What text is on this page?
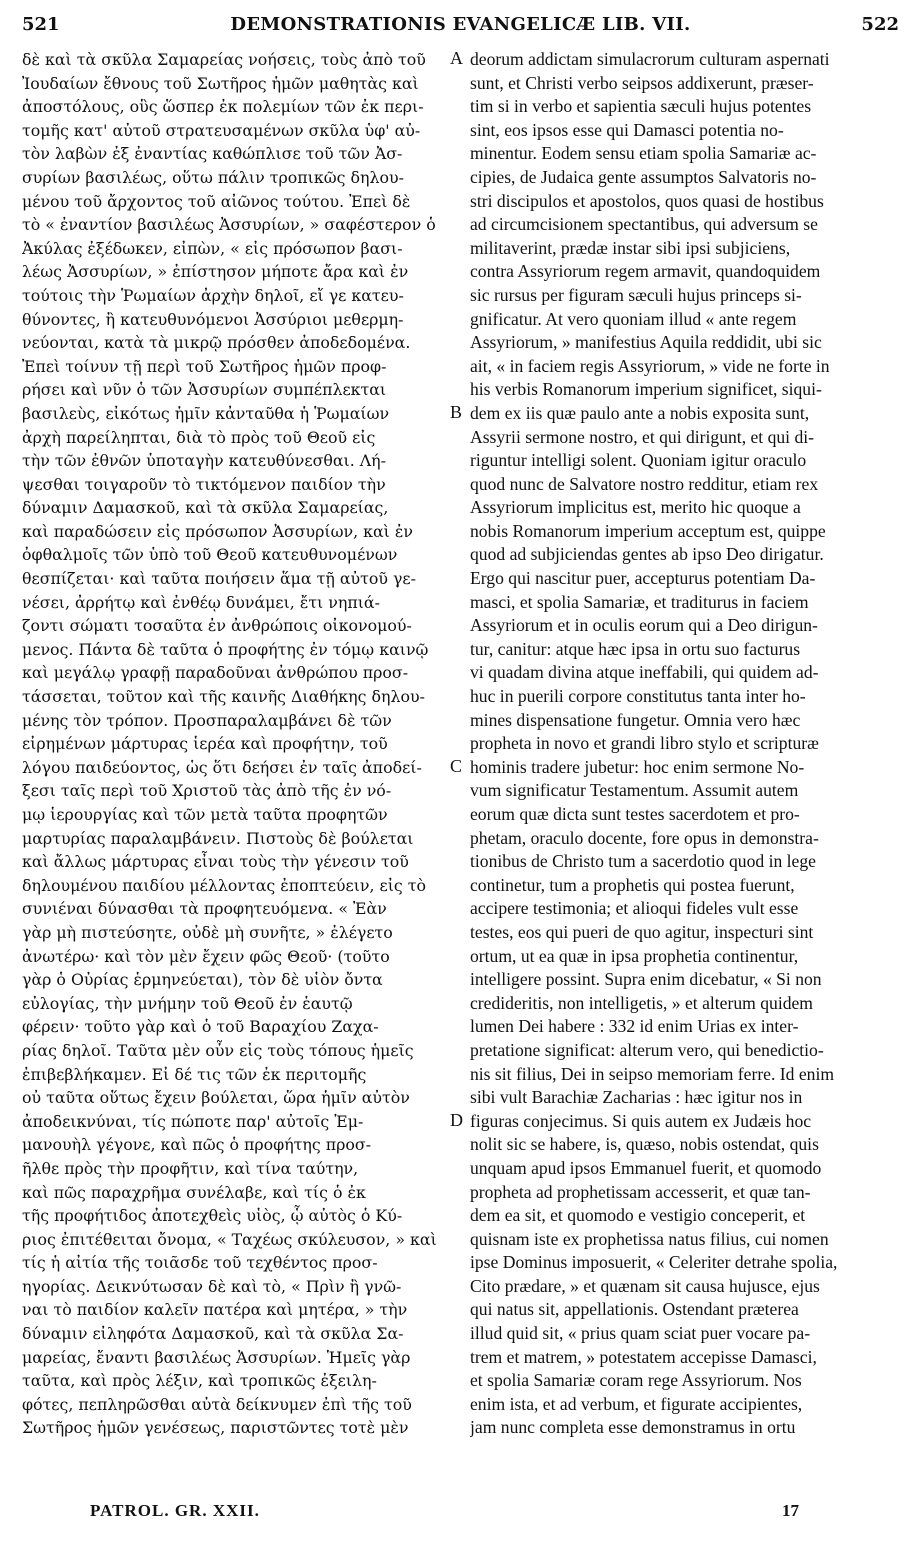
521	DEMONSTRATIONIS EVANGELICÆ LIB. VII.	522
δὲ καὶ τὰ σκῦλα Σαμαρείας νοήσεις, τοὺς ἀπὸ τοῦ
Ἰουδαίων ἔθνους τοῦ Σωτῆρος ἡμῶν μαθητὰς καὶ
ἀποστόλους, οὓς ὥσπερ ἐκ πολεμίων τῶν ἐκ περι-
τομῆς κατ' αὐτοῦ στρατευσαμένων σκῦλα ὑφ' αὐ-
τὸν λαβὼν ἐξ ἐναντίας καθώπλισε τοῦ τῶν Ἀσ-
συρίων βασιλέως, οὕτω πάλιν τροπικῶς δηλου-
μένου τοῦ ἄρχοντος τοῦ αἰῶνος τούτου. Ἐπεὶ δὲ
τὸ « ἐναντίον βασιλέως Ἀσσυρίων, » σαφέστερον ὁ
Ἀκύλας ἐξέδωκεν, εἰπὼν, « εἰς πρόσωπον βασι-
λέως Ἀσσυρίων, » ἐπίστησον μήποτε ἄρα καὶ ἐν
τούτοις τὴν Ῥωμαίων ἀρχὴν δηλοῖ, εἴ γε κατευ-
θύνοντες, ἢ κατευθυνόμενοι Ἀσσύριοι μεθερμη-
νεύονται, κατὰ τὰ μικρῷ πρόσθεν ἀποδεδομένα.
Ἐπεὶ τοίνυν τῇ περὶ τοῦ Σωτῆρος ἡμῶν προφ-
ρήσει καὶ νῦν ὁ τῶν Ἀσσυρίων συμπέπλεκται
βασιλεὺς, εἰκότως ἡμῖν κἀνταῦθα ἡ Ῥωμαίων
ἀρχὴ παρείληπται, διὰ τὸ πρὸς τοῦ Θεοῦ εἰς
τὴν τῶν ἐθνῶν ὑποταγὴν κατευθύνεσθαι. Λή-
ψεσθαι τοιγαροῦν τὸ τικτόμενον παιδίον τὴν
δύναμιν Δαμασκοῦ, καὶ τὰ σκῦλα Σαμαρείας,
καὶ παραδώσειν εἰς πρόσωπον Ἀσσυρίων, καὶ ἐν
ὀφθαλμοῖς τῶν ὑπὸ τοῦ Θεοῦ κατευθυνομένων
θεσπίζεται· καὶ ταῦτα ποιήσειν ἅμα τῇ αὐτοῦ γε-
νέσει, ἀρρήτῳ καὶ ἐνθέῳ δυνάμει, ἔτι νηπιά-
ζοντι σώματι τοσαῦτα ἐν ἀνθρώποις οἰκονομού-
μενος. Πάντα δὲ ταῦτα ὁ προφήτης ἐν τόμῳ καινῷ
καὶ μεγάλῳ γραφῇ παραδοῦναι ἀνθρώπου προσ-
τάσσεται, τοῦτον καὶ τῆς καινῆς Διαθήκης δηλου-
μένης τὸν τρόπον. Προσπαραλαμβάνει δὲ τῶν
εἰρημένων μάρτυρας ἱερέα καὶ προφήτην, τοῦ
λόγου παιδεύοντος, ὡς ὅτι δεήσει ἐν ταῖς ἀποδεί-
ξεσι ταῖς περὶ τοῦ Χριστοῦ τὰς ἀπὸ τῆς ἐν νό-
μῳ ἱερουργίας καὶ τῶν μετὰ ταῦτα προφητῶν
μαρτυρίας παραλαμβάνειν. Πιστοὺς δὲ βούλεται
καὶ ἄλλως μάρτυρας εἶναι τοὺς τὴν γένεσιν τοῦ
δηλουμένου παιδίου μέλλοντας ἐποπτεύειν, εἰς τὸ
συνιέναι δύνασθαι τὰ προφητευόμενα. « Ἐὰν
γὰρ μὴ πιστεύσητε, οὐδὲ μὴ συνῆτε, » ἐλέγετο
ἀνωτέρω· καὶ τὸν μὲν ἔχειν φῶς Θεοῦ· (τοῦτο
γὰρ ὁ Οὐρίας ἑρμηνεύεται), τὸν δὲ υἱὸν ὄντα
εὐλογίας, τὴν μνήμην τοῦ Θεοῦ ἐν ἑαυτῷ
φέρειν· τοῦτο γὰρ καὶ ὁ τοῦ Βαραχίου Ζαχα-
ρίας δηλοῖ. Ταῦτα μὲν οὖν εἰς τοὺς τόπους ἡμεῖς
ἐπιβεβλήκαμεν. Εἰ δέ τις τῶν ἐκ περιτομῆς
οὐ ταῦτα οὕτως ἔχειν βούλεται, ὥρα ἡμῖν αὐτὸν
ἀποδεικνύναι, τίς πώποτε παρ' αὐτοῖς Ἐμ-
μανουὴλ γέγονε, καὶ πῶς ὁ προφήτης προσ-
ῆλθε πρὸς τὴν προφῆτιν, καὶ τίνα ταύτην,
καὶ πῶς παραχρῆμα συνέλαβε, καὶ τίς ὁ ἐκ
τῆς προφήτιδος ἀποτεχθεὶς υἱὸς, ᾧ αὐτὸς ὁ Κύ-
ριος ἐπιτέθειται ὄνομα, « Ταχέως σκύλευσον, » καὶ
τίς ἡ αἰτία τῆς τοιᾶσδε τοῦ τεχθέντος προσ-
ηγορίας. Δεικνύτωσαν δὲ καὶ τὸ, « Πρὶν ἢ γνῶ-
ναι τὸ παιδίον καλεῖν πατέρα καὶ μητέρα, » τὴν
δύναμιν εἰληφότα Δαμασκοῦ, καὶ τὰ σκῦλα Σα-
μαρείας, ἔναντι βασιλέως Ἀσσυρίων. Ἡμεῖς γὰρ
ταῦτα, καὶ πρὸς λέξιν, καὶ τροπικῶς ἐξειλη-
φότες, πεπληρῶσθαι αὐτὰ δείκνυμεν ἐπὶ τῆς τοῦ
Σωτῆρος ἡμῶν γενέσεως, παριστῶντες τοτὲ μὲν
deorum addictam simulacrorum culturam aspernati
sunt, et Christi verbo seipsos addixerunt, præser-
tim si in verbo et sapientia sæculi hujus potentes
sint, eos ipsos esse qui Damasci potentia no-
minentur. Eodem sensu etiam spolia Samariæ ac-
cipies, de Judaica gente assumptos Salvatoris no-
stri discipulos et apostolos, quos quasi de hostibus
ad circumcisionem spectantibus, qui adversum se
militaverint, prædæ instar sibi ipsi subjiciens,
contra Assyriorum regem armavit, quandoquidem
sic rursus per figuram sæculi hujus princeps si-
gnificatur. At vero quoniam illud « ante regem
Assyriorum, » manifestius Aquila reddidit, ubi sic
ait, « in faciem regis Assyriorum, » vide ne forte in
his verbis Romanorum imperium significet, siqui-
dem ex iis quæ paulo ante a nobis exposita sunt,
Assyrii sermone nostro, et qui dirigunt, et qui di-
riguntur intelligi solent. Quoniam igitur oraculo
quod nunc de Salvatore nostro redditur, etiam rex
Assyriorum implicitus est, merito hic quoque a
nobis Romanorum imperium acceptum est, quippe
quod ad subjiciendas gentes ab ipso Deo dirigatur.
Ergo qui nascitur puer, accepturus potentiam Da-
masci, et spolia Samariæ, et traditurus in faciem
Assyriorum et in oculis eorum qui a Deo dirigun-
tur, canitur: atque hæc ipsa in ortu suo facturus
vi quadam divina atque ineffabili, qui quidem ad-
huc in puerili corpore constitutus tanta inter ho-
mines dispensatione fungetur. Omnia vero hæc
propheta in novo et grandi libro stylo et scripturæ
hominis tradere jubetur: hoc enim sermone No-
vum significatur Testamentum. Assumit autem
eorum quæ dicta sunt testes sacerdotem et pro-
phetam, oraculo docente, fore opus in demonstra-
tionibus de Christo tum a sacerdotio quod in lege
continetur, tum a prophetis qui postea fuerunt,
accipere testimonia; et alioqui fideles vult esse
testes, eos qui pueri de quo agitur, inspecturi sint
ortum, ut ea quæ in ipsa prophetia continentur,
intelligere possint. Supra enim dicebatur, « Si non
credideritis, non intelligetis, » et alterum quidem
lumen Dei habere : 332 id enim Urias ex inter-
pretatione significat: alterum vero, qui benedictio-
nis sit filius, Dei in seipso memoriam ferre. Id enim
sibi vult Barachiæ Zacharias : hæc igitur nos in
figuras conjecimus. Si quis autem ex Judæis hoc
nolit sic se habere, is, quæso, nobis ostendat, quis
unquam apud ipsos Emmanuel fuerit, et quomodo
propheta ad prophetissam accesserit, et quæ tan-
dem ea sit, et quomodo e vestigio conceperit, et
quisnam iste ex prophetissa natus filius, cui nomen
ipse Dominus imposuerit, « Celeriter detrahe spolia,
Cito prædare, » et quænam sit causa hujusce, ejus
qui natus sit, appellationis. Ostendant præterea
illud quid sit, « prius quam sciat puer vocare pa-
trem et matrem, » potestatem accepisse Damasci,
et spolia Samariæ coram rege Assyriorum. Nos
enim ista, et ad verbum, et figurate accipientes,
jam nunc completa esse demonstramus in ortu
A
B
C
D
PATROL. GR. XXII.	17
